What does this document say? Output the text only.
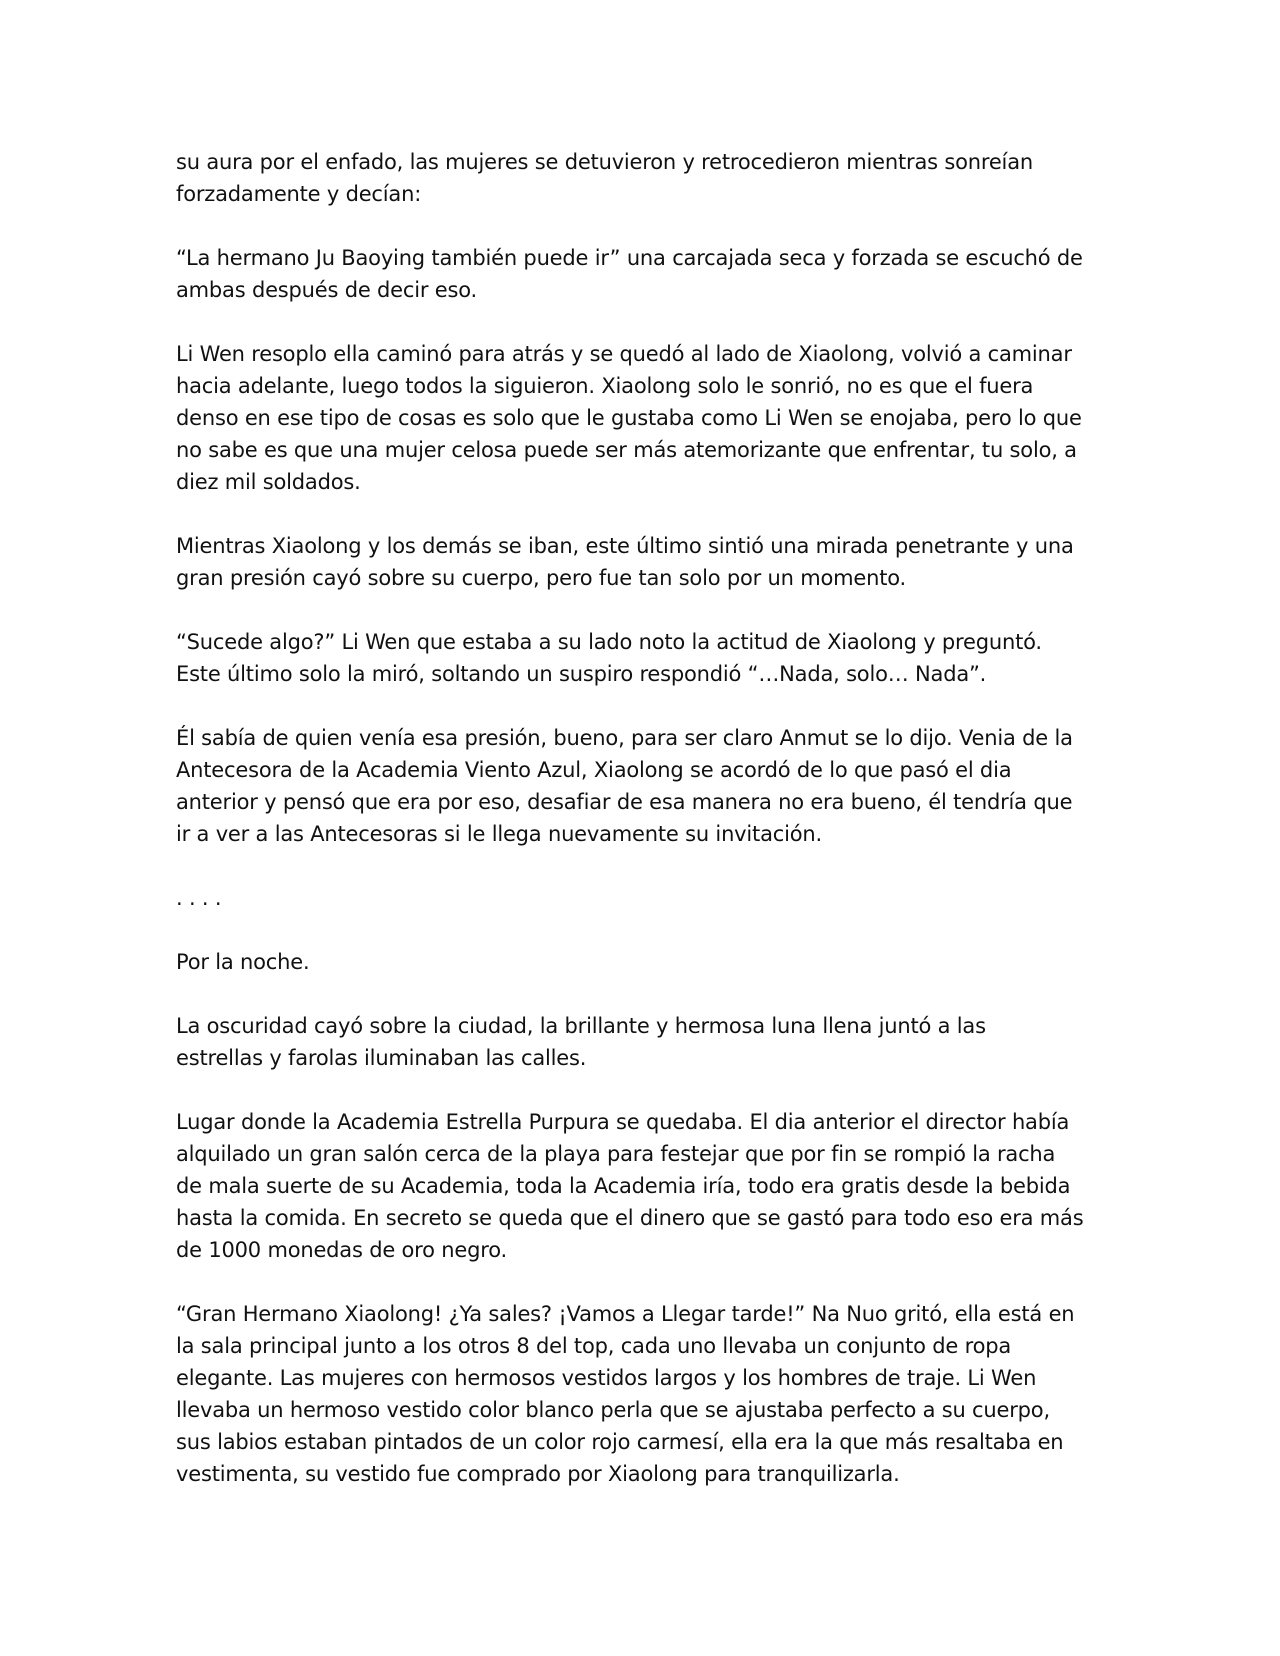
su aura por el enfado, las mujeres se detuvieron y retrocedieron mientras sonreían
forzadamente y decían:

“La hermano Ju Baoying también puede ir” una carcajada seca y forzada se escuchó de
ambas después de decir eso.

Li Wen resoplo ella caminó para atrás y se quedó al lado de Xiaolong, volvió a caminar
hacia adelante, luego todos la siguieron. Xiaolong solo le sonrió, no es que el fuera
denso en ese tipo de cosas es solo que le gustaba como Li Wen se enojaba, pero lo que
no sabe es que una mujer celosa puede ser más atemorizante que enfrentar, tu solo, a
diez mil soldados.

Mientras Xiaolong y los demás se iban, este último sintió una mirada penetrante y una
gran presión cayó sobre su cuerpo, pero fue tan solo por un momento.

“Sucede algo?” Li Wen que estaba a su lado noto la actitud de Xiaolong y preguntó.
Este último solo la miró, soltando un suspiro respondió “…Nada, solo… Nada”.

Él sabía de quien venía esa presión, bueno, para ser claro Anmut se lo dijo. Venia de la
Antecesora de la Academia Viento Azul, Xiaolong se acordó de lo que pasó el dia
anterior y pensó que era por eso, desafiar de esa manera no era bueno, él tendría que
ir a ver a las Antecesoras si le llega nuevamente su invitación.

. . . .

Por la noche.

La oscuridad cayó sobre la ciudad, la brillante y hermosa luna llena juntó a las
estrellas y farolas iluminaban las calles.

Lugar donde la Academia Estrella Purpura se quedaba. El dia anterior el director había
alquilado un gran salón cerca de la playa para festejar que por fin se rompió la racha
de mala suerte de su Academia, toda la Academia iría, todo era gratis desde la bebida
hasta la comida. En secreto se queda que el dinero que se gastó para todo eso era más
de 1000 monedas de oro negro.

“Gran Hermano Xiaolong! ¿Ya sales? ¡Vamos a Llegar tarde!” Na Nuo gritó, ella está en
la sala principal junto a los otros 8 del top, cada uno llevaba un conjunto de ropa
elegante. Las mujeres con hermosos vestidos largos y los hombres de traje. Li Wen
llevaba un hermoso vestido color blanco perla que se ajustaba perfecto a su cuerpo,
sus labios estaban pintados de un color rojo carmesí, ella era la que más resaltaba en
vestimenta, su vestido fue comprado por Xiaolong para tranquilizarla.
